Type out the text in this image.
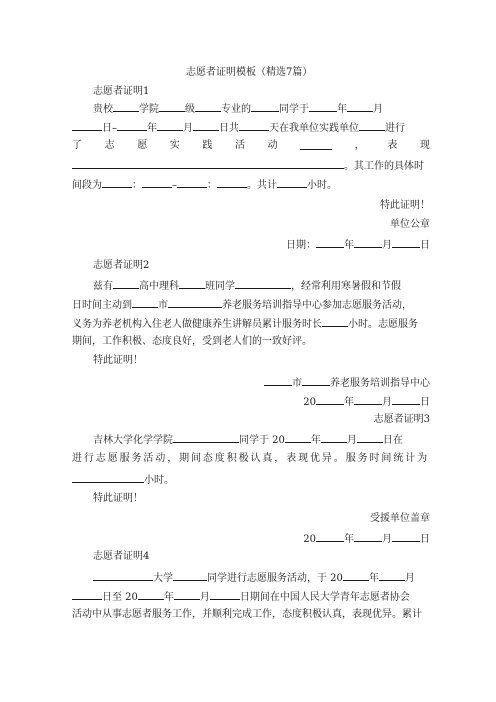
志愿者证明模板（精选7篇）
志愿者证明1
贵校	学院	级	专业的	同学于	年	月
日–	年	月	日共	天在我单位实践单位	进行
了 志 愿 实 践 活 动	， 表 现
。其工作的具体时
间段为	：	–	：	。共计	小时。
特此证明！
单位公章
日期：	年	月	日
志愿者证明2
兹有	高中理科	班同学	，经常利用寒暑假和节假
日时间主动到	市	养老服务培训指导中心参加志愿服务活动，
义务为养老机构入住老人做健康养生讲解员累计服务时长	小时。志愿服务
期间，工作积极、态度良好，受到老人们的一致好评。
特此证明！
市	养老服务培训指导中心
20	年	月	日
志愿者证明3
吉林大学化学学院	同学于 20	年	月	日在
进行志愿服务活动，期间态度积极认真，表现优异。服务时间统计为
小时。
特此证明！
受援单位盖章
20	年	月	日
志愿者证明4
大学	同学进行志愿服务活动，于 20	年	月
日至 20	年	月	日期间在中国人民大学青年志愿者协会
活动中从事志愿者服务工作，并顺利完成工作，态度积极认真，表现优异。累计
